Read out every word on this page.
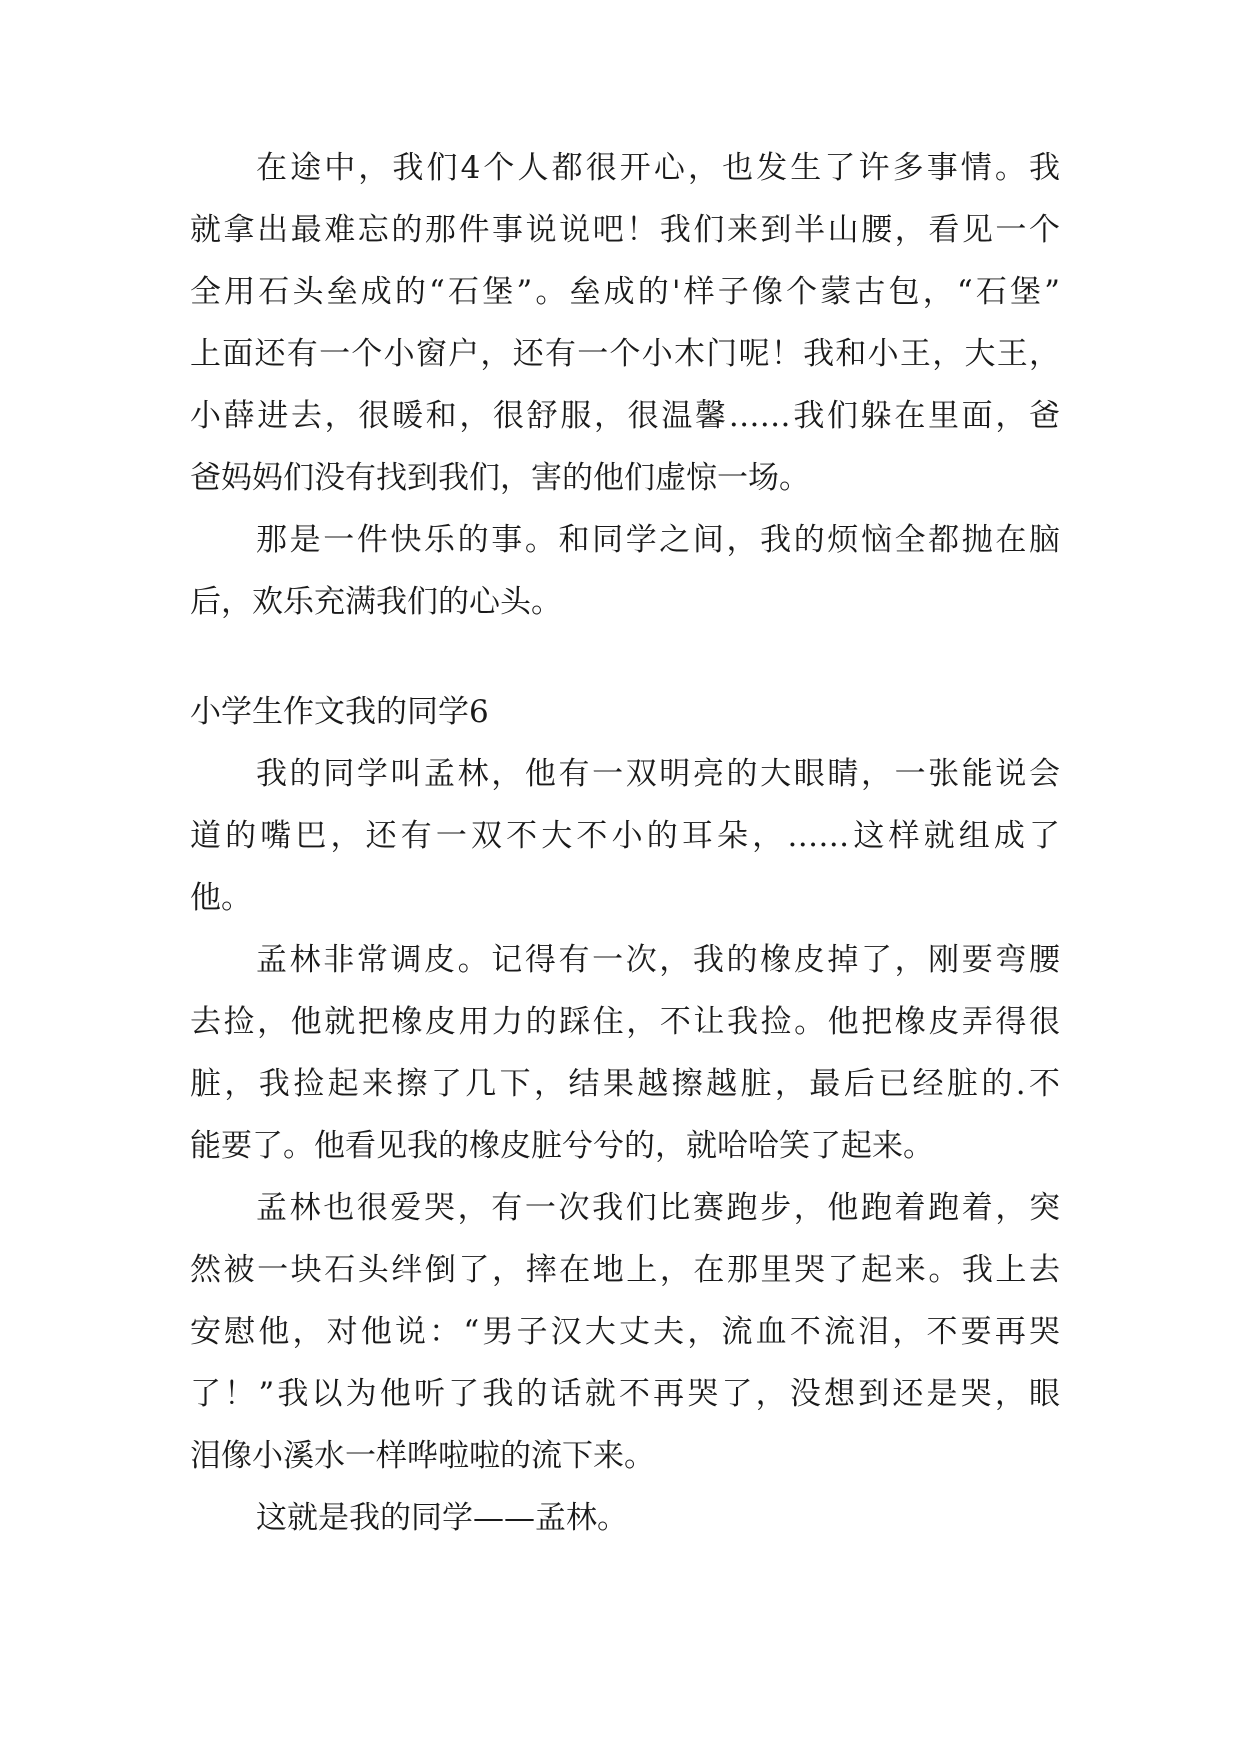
在途中，我们4个人都很开心，也发生了许多事情。我
就拿出最难忘的那件事说说吧！我们来到半山腰，看见一个
全用石头垒成的“石堡”。垒成的'样子像个蒙古包，“石堡”
上面还有一个小窗户，还有一个小木门呢！我和小王，大王，
小薛进去，很暖和，很舒服，很温馨……我们躲在里面，爸
爸妈妈们没有找到我们，害的他们虚惊一场。
那是一件快乐的事。和同学之间，我的烦恼全都抛在脑
后，欢乐充满我们的心头。
小学生作文我的同学6
我的同学叫孟林，他有一双明亮的大眼睛，一张能说会
道的嘴巴，还有一双不大不小的耳朵，……这样就组成了
他。
孟林非常调皮。记得有一次，我的橡皮掉了，刚要弯腰
去捡，他就把橡皮用力的踩住，不让我捡。他把橡皮弄得很
脏，我捡起来擦了几下，结果越擦越脏，最后已经脏的.不
能要了。他看见我的橡皮脏兮兮的，就哈哈笑了起来。
孟林也很爱哭，有一次我们比赛跑步，他跑着跑着，突
然被一块石头绊倒了，摔在地上，在那里哭了起来。我上去
安慰他，对他说：“男子汉大丈夫，流血不流泪，不要再哭
了！”我以为他听了我的话就不再哭了，没想到还是哭，眼
泪像小溪水一样哗啦啦的流下来。
这就是我的同学——孟林。
